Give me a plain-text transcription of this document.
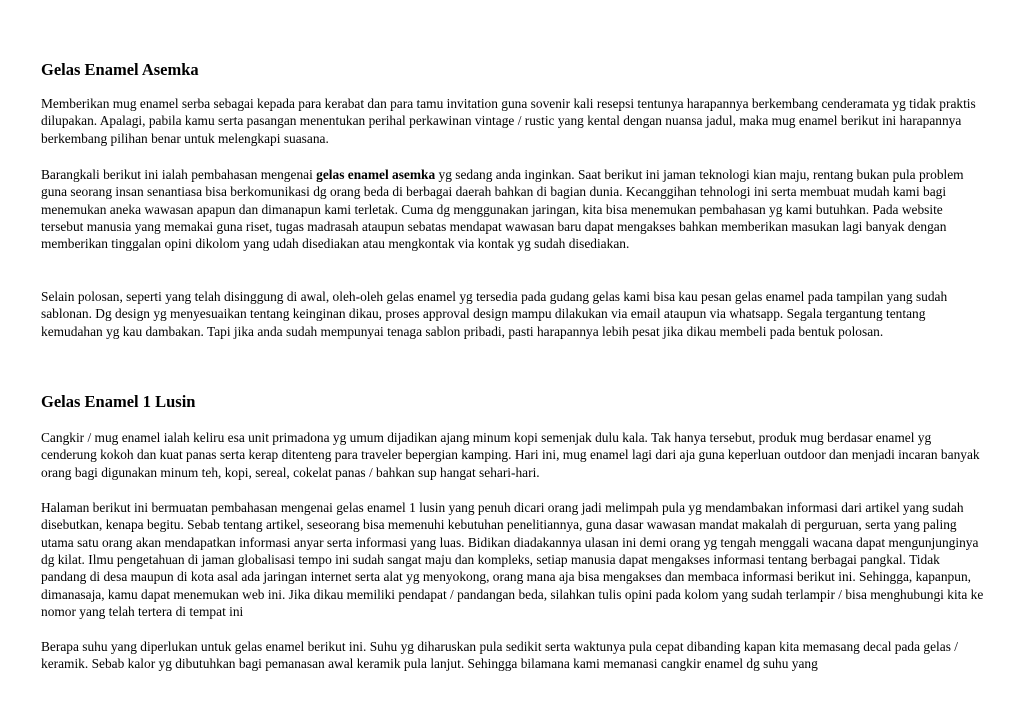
Gelas Enamel Asemka

Memberikan mug enamel serba sebagai kepada para kerabat dan para tamu invitation guna sovenir kali resepsi tentunya harapannya berkembang cenderamata yg tidak praktis dilupakan. Apalagi, pabila kamu serta pasangan menentukan perihal perkawinan vintage / rustic yang kental dengan nuansa jadul, maka mug enamel berikut ini harapannya berkembang pilihan benar untuk melengkapi suasana.

Barangkali berikut ini ialah pembahasan mengenai gelas enamel asemka yg sedang anda inginkan. Saat berikut ini jaman teknologi kian maju, rentang bukan pula problem guna seorang insan senantiasa bisa berkomunikasi dg orang beda di berbagai daerah bahkan di bagian dunia. Kecanggihan tehnologi ini serta membuat mudah kami bagi menemukan aneka wawasan apapun dan dimanapun kami terletak. Cuma dg menggunakan jaringan, kita bisa menemukan pembahasan yg kami butuhkan. Pada website tersebut manusia yang memakai guna riset, tugas madrasah ataupun sebatas mendapat wawasan baru dapat mengakses bahkan memberikan masukan lagi banyak dengan memberikan tinggalan opini dikolom yang udah disediakan atau mengkontak via kontak yg sudah disediakan.

Selain polosan, seperti yang telah disinggung di awal, oleh-oleh gelas enamel yg tersedia pada gudang gelas kami bisa kau pesan gelas enamel pada tampilan yang sudah sablonan. Dg design yg menyesuaikan tentang keinginan dikau, proses approval design mampu dilakukan via email ataupun via whatsapp. Segala tergantung tentang kemudahan yg kau dambakan. Tapi jika anda sudah mempunyai tenaga sablon pribadi, pasti harapannya lebih pesat jika dikau membeli pada bentuk polosan.

Gelas Enamel 1 Lusin

Cangkir / mug enamel ialah keliru esa unit primadona yg umum dijadikan ajang minum kopi semenjak dulu kala. Tak hanya tersebut, produk mug berdasar enamel yg cenderung kokoh dan kuat panas serta kerap ditenteng para traveler bepergian kamping. Hari ini, mug enamel lagi dari aja guna keperluan outdoor dan menjadi incaran banyak orang bagi digunakan minum teh, kopi, sereal, cokelat panas / bahkan sup hangat sehari-hari.

Halaman berikut ini bermuatan pembahasan mengenai gelas enamel 1 lusin yang penuh dicari orang jadi melimpah pula yg mendambakan informasi dari artikel yang sudah disebutkan, kenapa begitu. Sebab tentang artikel, seseorang bisa memenuhi kebutuhan penelitiannya, guna dasar wawasan mandat makalah di perguruan, serta yang paling utama satu orang akan mendapatkan informasi anyar serta informasi yang luas. Bidikan diadakannya ulasan ini demi orang yg tengah menggali wacana dapat mengunjunginya dg kilat. Ilmu pengetahuan di jaman globalisasi tempo ini sudah sangat maju dan kompleks, setiap manusia dapat mengakses informasi tentang berbagai pangkal. Tidak pandang di desa maupun di kota asal ada jaringan internet serta alat yg menyokong, orang mana aja bisa mengakses dan membaca informasi berikut ini. Sehingga, kapanpun, dimanasaja, kamu dapat menemukan web ini. Jika dikau memiliki pendapat / pandangan beda, silahkan tulis opini pada kolom yang sudah terlampir / bisa menghubungi kita ke nomor yang telah tertera di tempat ini

Berapa suhu yang diperlukan untuk gelas enamel berikut ini. Suhu yg diharuskan pula sedikit serta waktunya pula cepat dibanding kapan kita memasang decal pada gelas / keramik. Sebab kalor yg dibutuhkan bagi pemanasan awal keramik pula lanjut. Sehingga bilamana kami memanasi cangkir enamel dg suhu yang
